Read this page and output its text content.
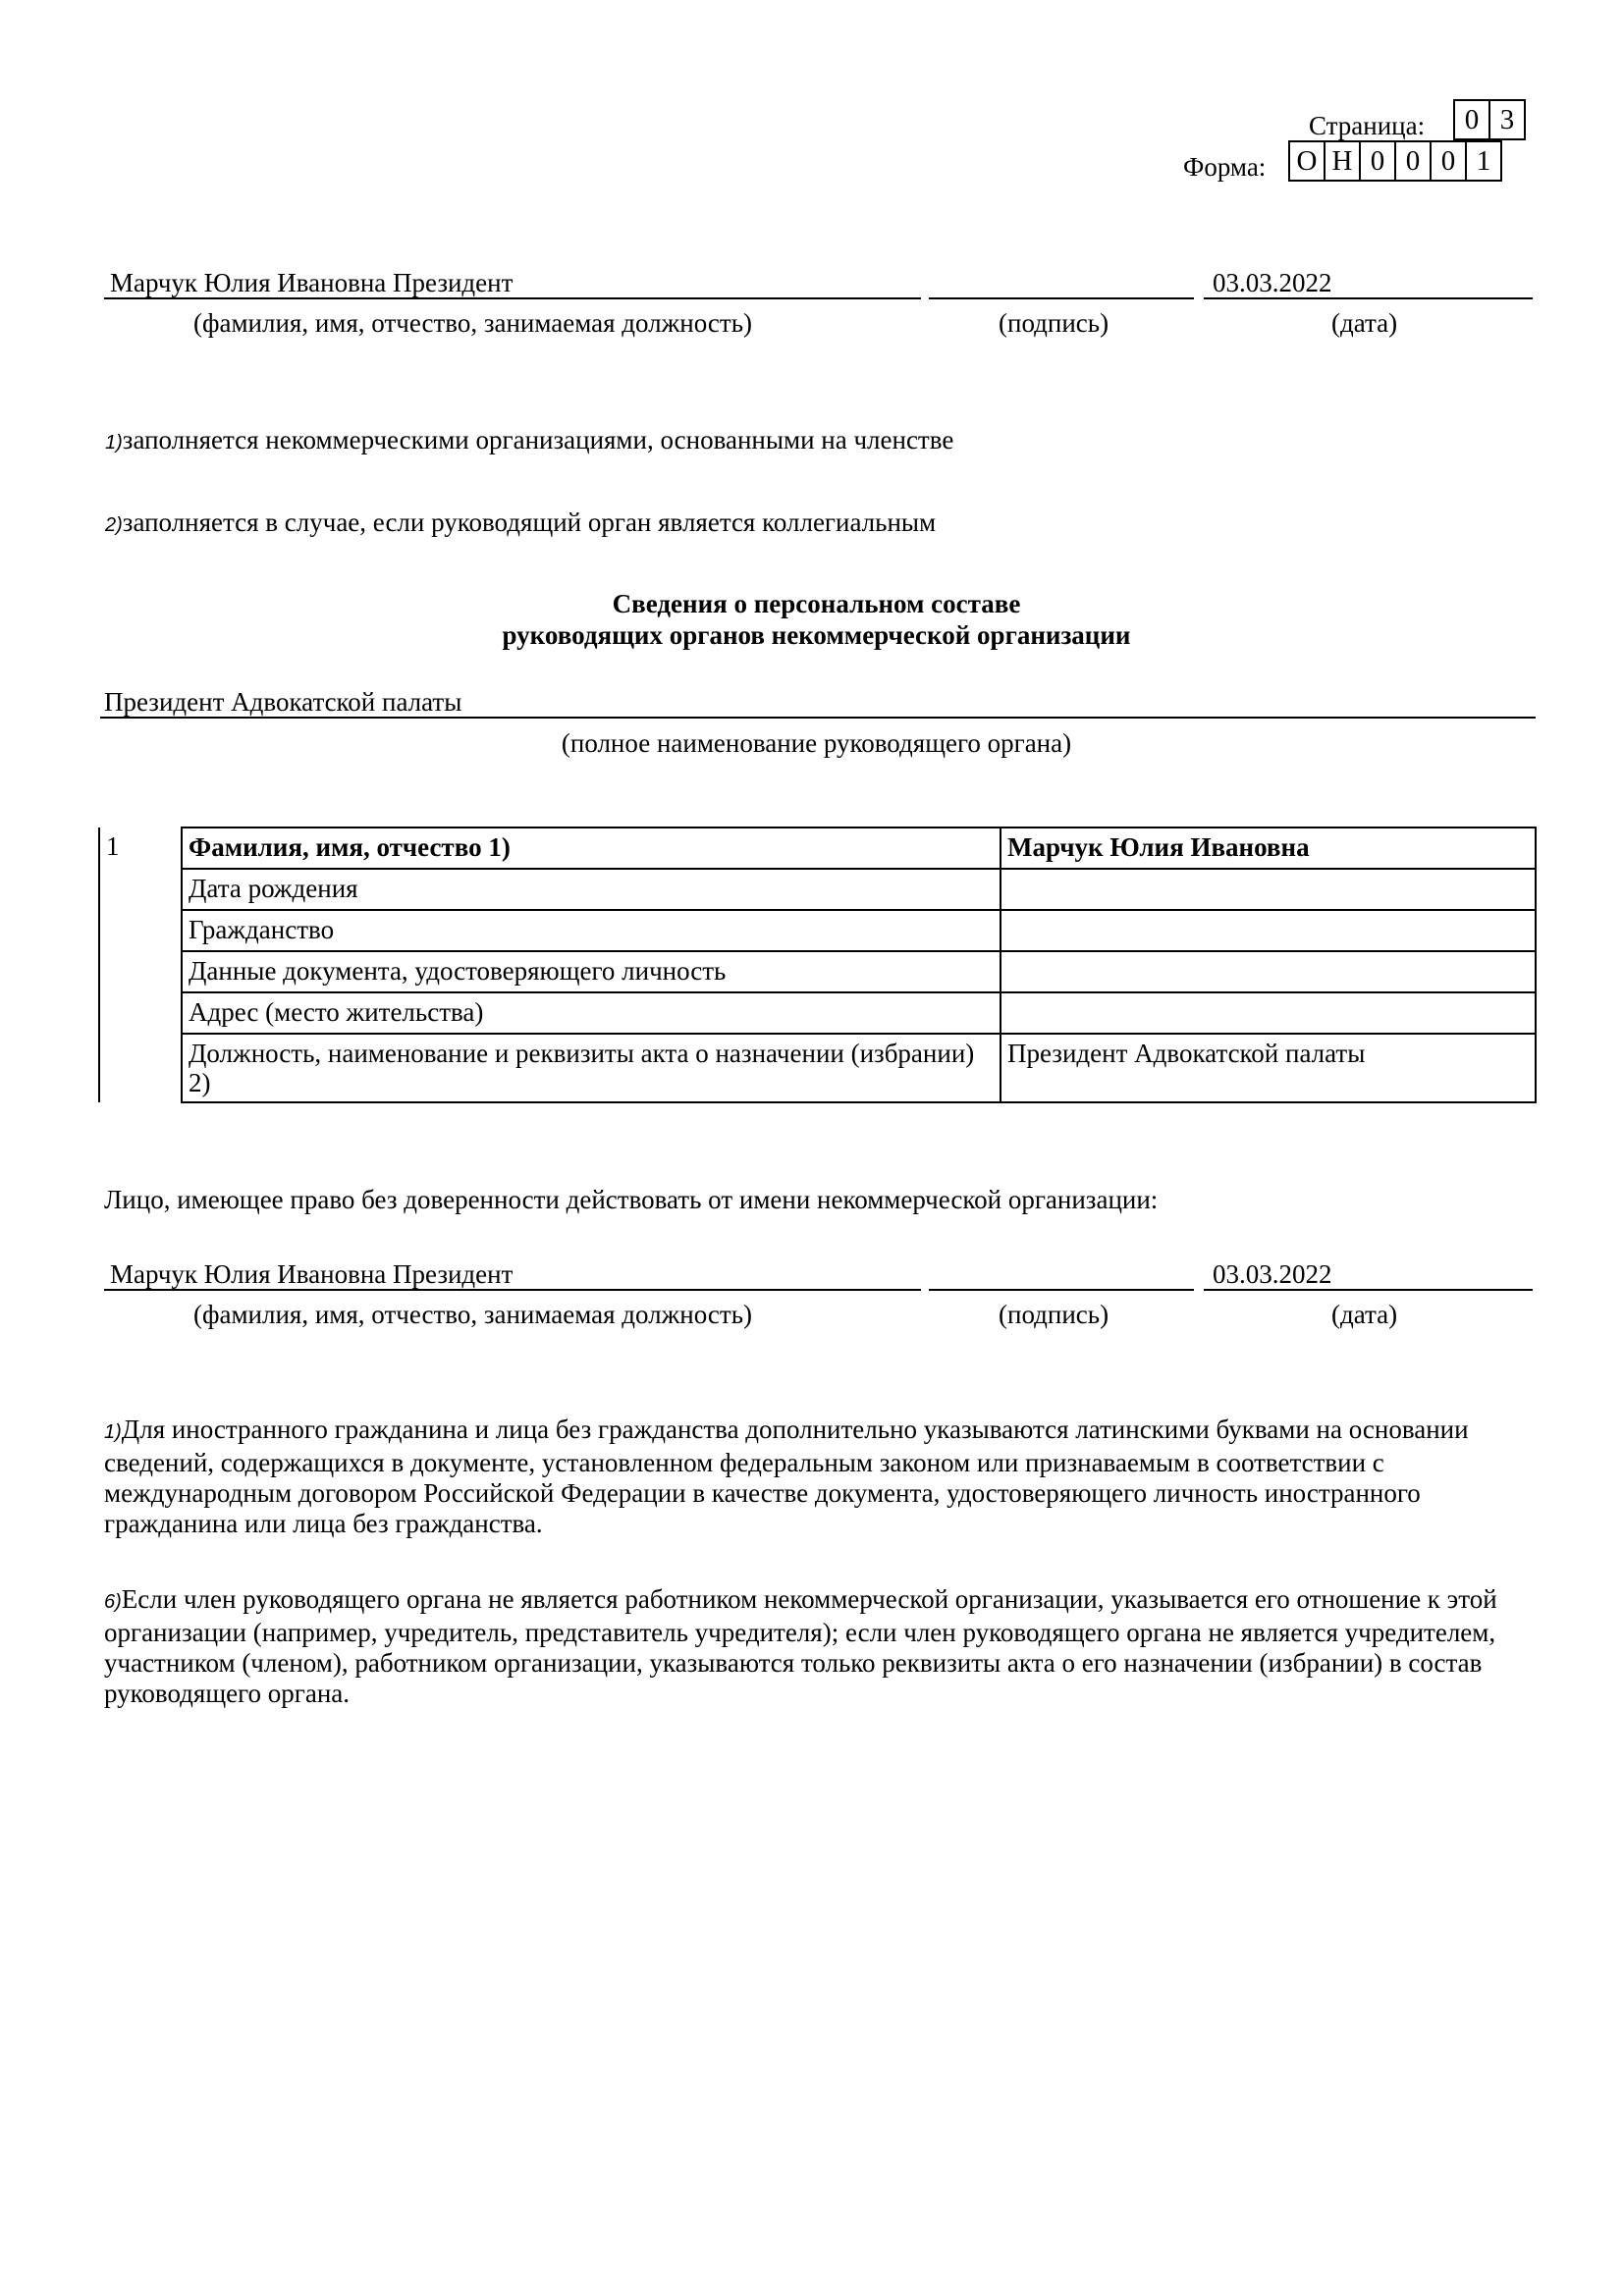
Страница:	0 3
Форма: О Н 0 0 0 1
Марчук Юлия Ивановна Президент	03.03.2022
(фамилия, имя, отчество, занимаемая должность)	(подпись)	(дата)
1)заполняется некоммерческими организациями, основанными на членстве
2)заполняется в случае, если руководящий орган является коллегиальным
Сведения о персональном составе
руководящих органов некоммерческой организации
Президент Адвокатской палаты
(полное наименование руководящего органа)
1	Фамилия, имя, отчество 1)	Марчук Юлия Ивановна
	Дата рождения	
	Гражданство	
	Данные документа, удостоверяющего личность	
	Адрес (место жительства)	
	Должность, наименование и реквизиты акта о назначении (избрании) 2)	Президент Адвокатской палаты
Лицо, имеющее право без доверенности действовать от имени некоммерческой организации:
Марчук Юлия Ивановна Президент	03.03.2022
(фамилия, имя, отчество, занимаемая должность)	(подпись)	(дата)
1)Для иностранного гражданина и лица без гражданства дополнительно указываются латинскими буквами на основании сведений, содержащихся в документе, установленном федеральным законом или признаваемым в соответствии с международным договором Российской Федерации в качестве документа, удостоверяющего личность иностранного гражданина или лица без гражданства.
6)Если член руководящего органа не является работником некоммерческой организации, указывается его отношение к этой организации (например, учредитель, представитель учредителя); если член руководящего органа не является учредителем, участником (членом), работником организации, указываются только реквизиты акта о его назначении (избрании) в состав руководящего органа.
